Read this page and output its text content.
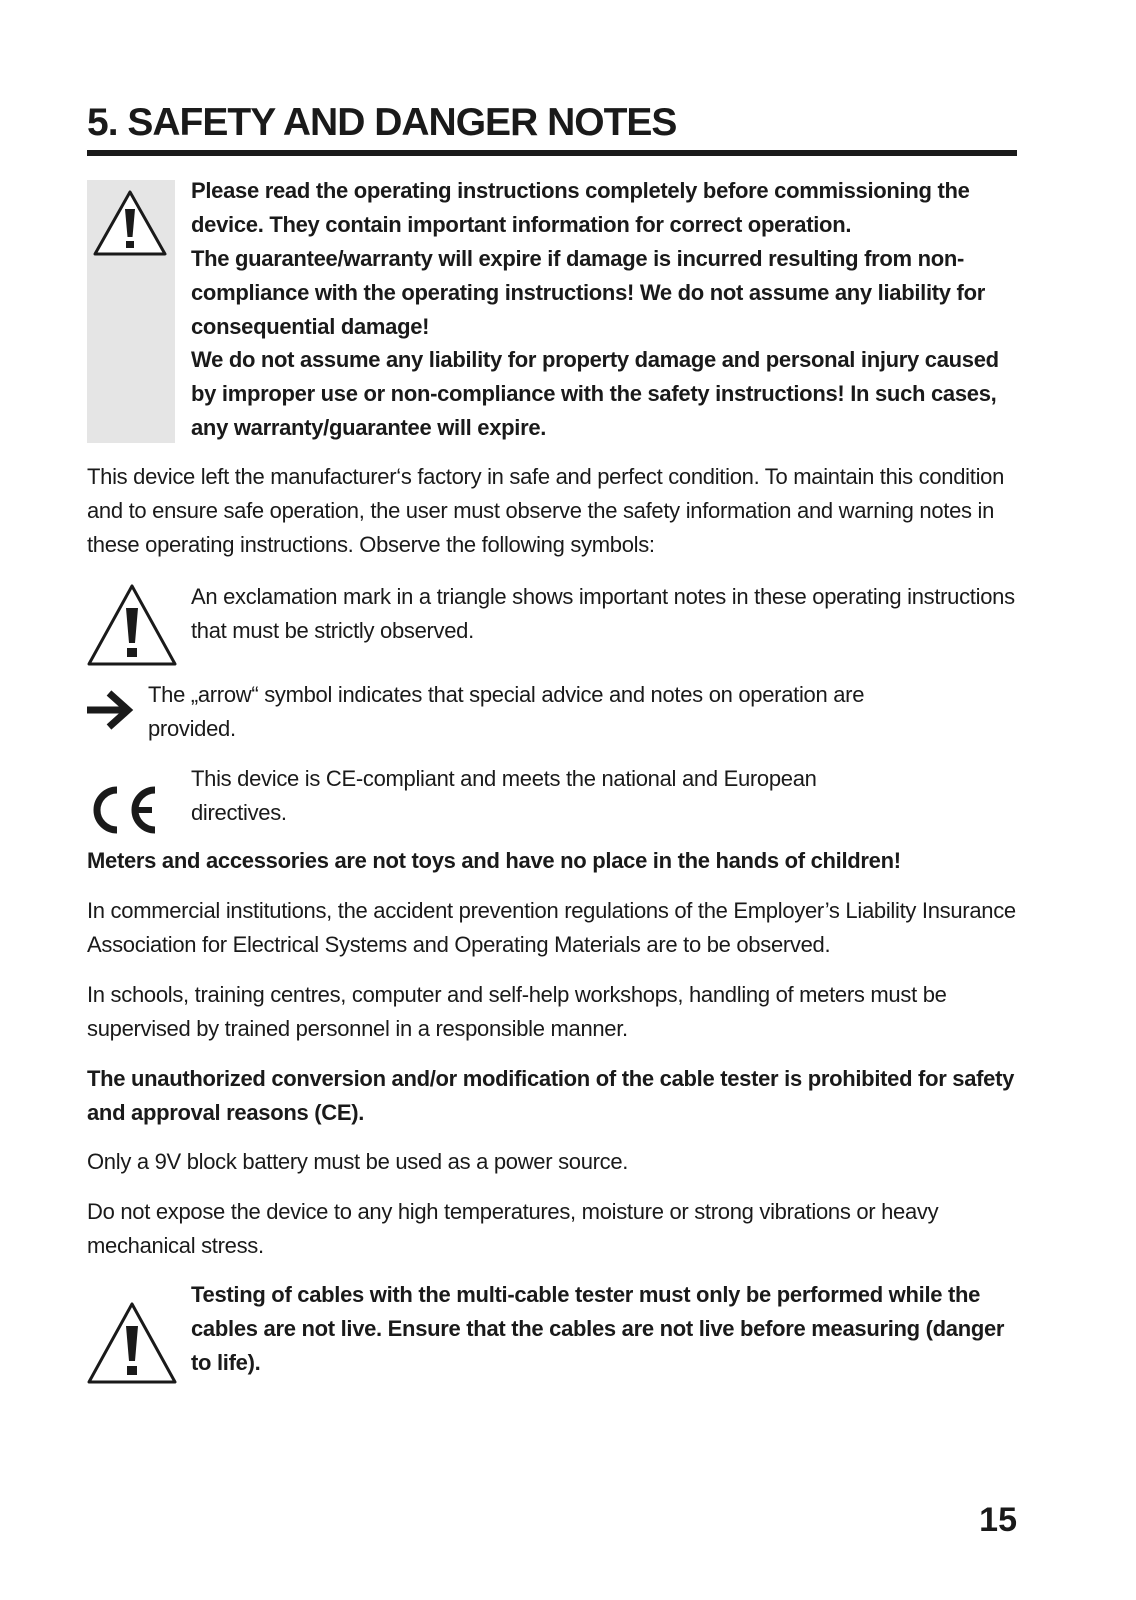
5. SAFETY AND DANGER NOTES
Please read the operating instructions completely before commissioning the device. They contain important information for correct operation.
The guarantee/warranty will expire if damage is incurred resulting from non-compliance with the operating instructions! We do not assume any liability for consequential damage!
We do not assume any liability for property damage and personal injury caused by improper use or non-compliance with the safety instructions! In such cases, any warranty/guarantee will expire.
This device left the manufacturer‘s factory in safe and perfect condition. To maintain this condition and to ensure safe operation, the user must observe the safety information and warning notes in these operating instructions. Observe the following symbols:
An exclamation mark in a triangle shows important notes in these operating instructions that must be strictly observed.
The „arrow“ symbol indicates that special advice and notes on operation are provided.
This device is CE-compliant and meets the national and European directives.
Meters and accessories are not toys and have no place in the hands of children!
In commercial institutions, the accident prevention regulations of the Employer’s Liability Insurance Association for Electrical Systems and Operating Materials are to be observed.
In schools, training centres, computer and self-help workshops, handling of meters must be supervised by trained personnel in a responsible manner.
The unauthorized conversion and/or modification of the cable tester is prohibited for safety and approval reasons (CE).
Only a 9V block battery must be used as a power source.
Do not expose the device to any high temperatures, moisture or strong vibrations or heavy mechanical stress.
Testing of cables with the multi-cable tester must only be performed while the cables are not live. Ensure that the cables are not live before measuring (danger to life).
15
